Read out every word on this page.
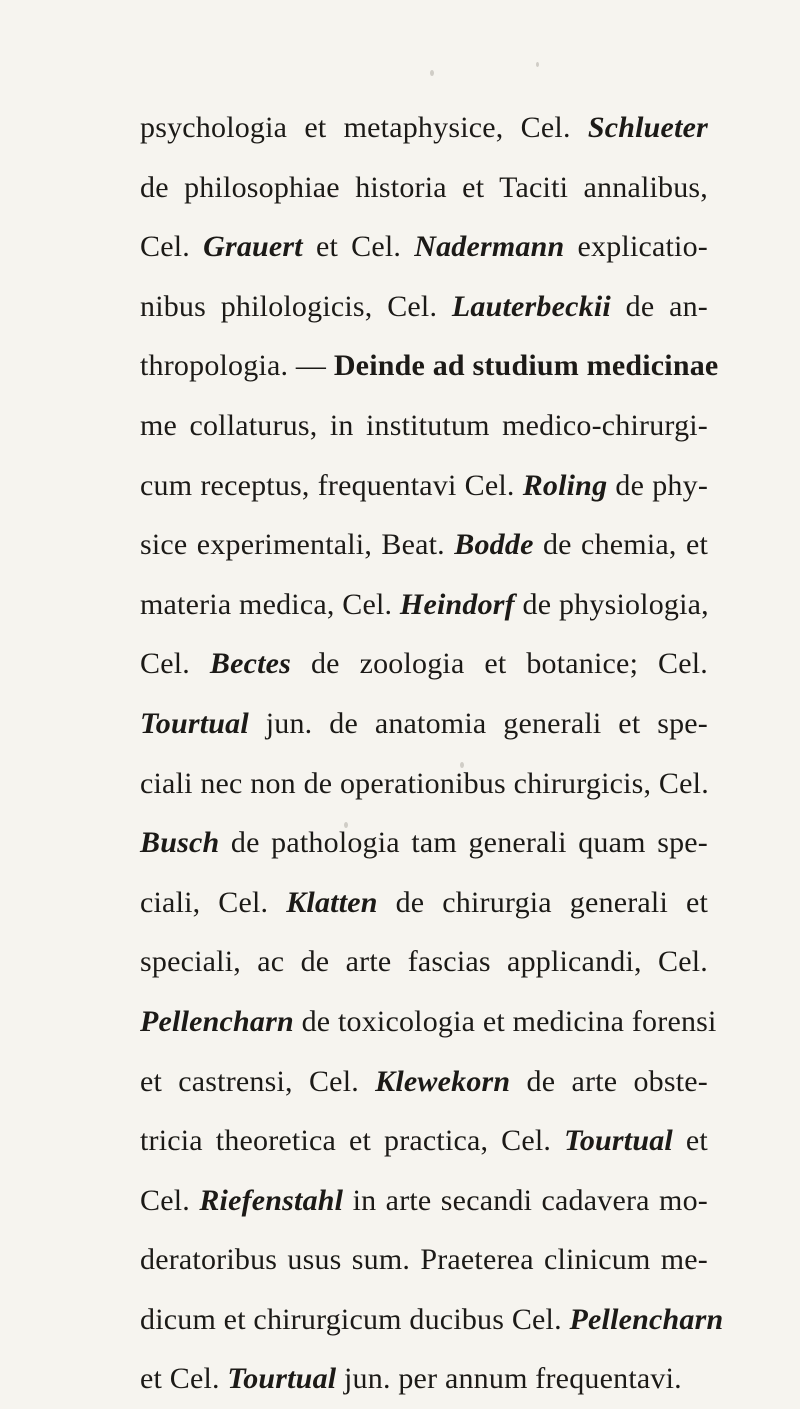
psychologia et metaphysice, Cel. Schlueter
de philosophiae historia et Taciti annalibus,
Cel. Grauert et Cel. Nadermann explicatio-
nibus philologicis, Cel. Lauterbeckii de an-
thropologia. — Deinde ad studium medicinae
me collaturus, in institutum medico-chirurgi-
cum receptus, frequentavi Cel. Roling de phy-
sice experimentali, Beat. Bodde de chemia, et
materia medica, Cel. Heindorf de physiologia,
Cel. Bectes de zoologia et botanice; Cel.
Tourtual jun. de anatomia generali et spe-
ciali nec non de operationibus chirurgicis, Cel.
Busch de pathologia tam generali quam spe-
ciali, Cel. Klatten de chirurgia generali et
speciali, ac de arte fascias applicandi, Cel.
Pellencharn de toxicologia et medicina forensi
et castrensi, Cel. Klewekorn de arte obste-
tricia theoretica et practica, Cel. Tourtual et
Cel. Riefenstahl in arte secandi cadavera mo-
deratoribus usus sum. Praeterea clinicum me-
dicum et chirurgicum ducibus Cel. Pellencharn
et Cel. Tourtual jun. per annum frequentavi.
